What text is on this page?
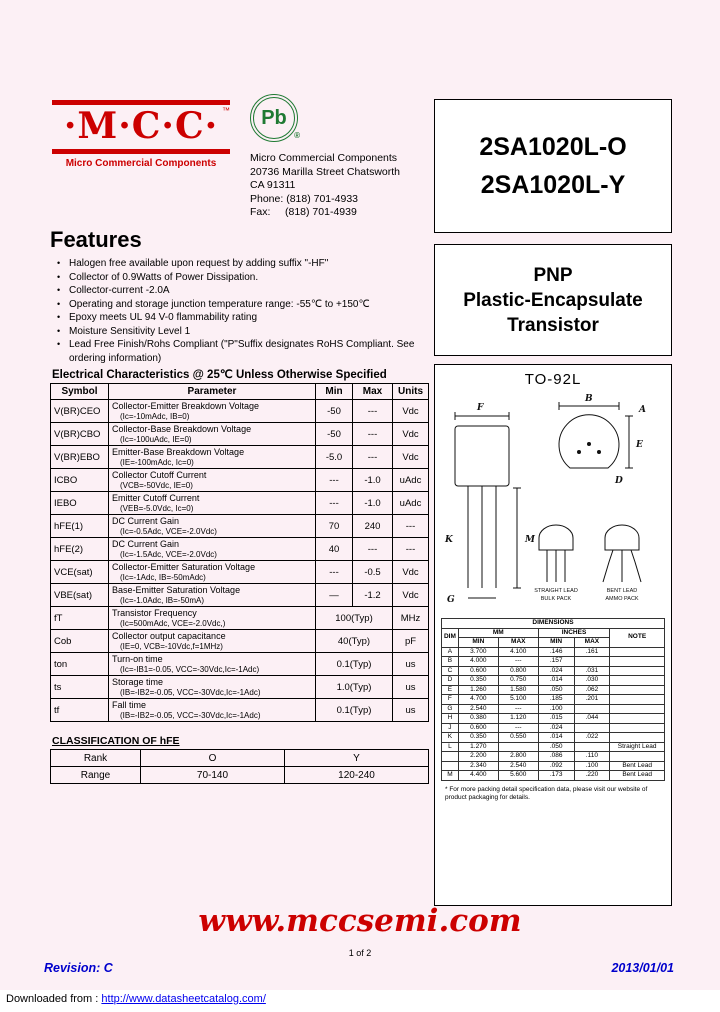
·M·C·C· ™
Micro Commercial Components
Pb
®
Micro Commercial Components
20736 Marilla Street Chatsworth
CA 91311
Phone: (818) 701-4933
Fax:     (818) 701-4939
2SA1020L-O
2SA1020L-Y
PNP
Plastic-Encapsulate
Transistor
TO-92L
F
B
A
E
G
D
K	M
STRAIGHT LEAD
BULK PACK
BENT LEAD
AMMO PACK
DIMENSIONS					
DIM	MM		INCHES		NOTE
	MIN	MAX	MIN	MAX	
A	3.700	4.100	.146	.161	
B	4.000	---	.157		
C	0.600	0.800	.024	.031	
D	0.350	0.750	.014	.030	
E	1.260	1.580	.050	.062	
F	4.700	5.100	.185	.201	
G	2.540	---	.100		
H	0.380	1.120	.015	.044	
J	0.600	---	.024		
K	0.350	0.550	.014	.022	
L	1.270		.050		Straight Lead
	2.200	2.800	.086	.110	
	2.340	2.540	.092	.100	Bent Lead
M	4.400	5.600	.173	.220	Bent Lead
* For more packing detail specification data, please visit our website of product packaging for details.
Features
• Halogen free available upon request by adding suffix "-HF"
• Collector of 0.9Watts of Power Dissipation.
• Collector-current -2.0A
• Operating and storage junction temperature range: -55℃ to +150℃
• Epoxy meets UL 94 V-0 flammability rating
• Moisture Sensitivity Level 1
• Lead Free Finish/Rohs Compliant ("P"Suffix designates RoHS Compliant. See ordering information)
Electrical Characteristics @ 25℃ Unless Otherwise Specified
Symbol	Parameter	Min	Max	Units
V(BR)CEO	Collector-Emitter Breakdown Voltage
(Ic=-10mAdc, IB=0)	-50	---	Vdc
V(BR)CBO	Collector-Base Breakdown Voltage
(Ic=-100uAdc, IE=0)	-50	---	Vdc
V(BR)EBO	Emitter-Base Breakdown Voltage
(IE=-100mAdc, Ic=0)	-5.0	---	Vdc
ICBO	Collector Cutoff Current
(VCB=-50Vdc, IE=0)	---	-1.0	uAdc
IEBO	Emitter Cutoff Current
(VEB=-5.0Vdc, Ic=0)	---	-1.0	uAdc
hFE(1)	DC Current Gain
(Ic=-0.5Adc, VCE=-2.0Vdc)	70	240	---
hFE(2)	DC Current Gain
(Ic=-1.5Adc, VCE=-2.0Vdc)	40	---	---
VCE(sat)	Collector-Emitter Saturation Voltage
(Ic=-1Adc, IB=-50mAdc)	---	-0.5	Vdc
VBE(sat)	Base-Emitter Saturation Voltage
(Ic=-1.0Adc, IB=-50mA)	—	-1.2	Vdc
fT	Transistor Frequency
(Ic=500mAdc, VCE=-2.0Vdc,)	100(Typ)		MHz
Cob	Collector output capacitance
(IE=0, VCB=-10Vdc,f=1MHz)	40(Typ)		pF
ton	Turn-on time
(Ic=-IB1=-0.05, VCC=-30Vdc,Ic=-1Adc)	0.1(Typ)		us
ts	Storage time
(IB=-IB2=-0.05, VCC=-30Vdc,Ic=-1Adc)	1.0(Typ)		us
tf	Fall time
(IB=-IB2=-0.05, VCC=-30Vdc,Ic=-1Adc)	0.1(Typ)		us
CLASSIFICATION OF hFE
Rank	O	Y
Range	70-140	120-240
www.mccsemi.com
1 of 2
Revision: C	2013/01/01
Downloaded from : http://www.datasheetcatalog.com/
